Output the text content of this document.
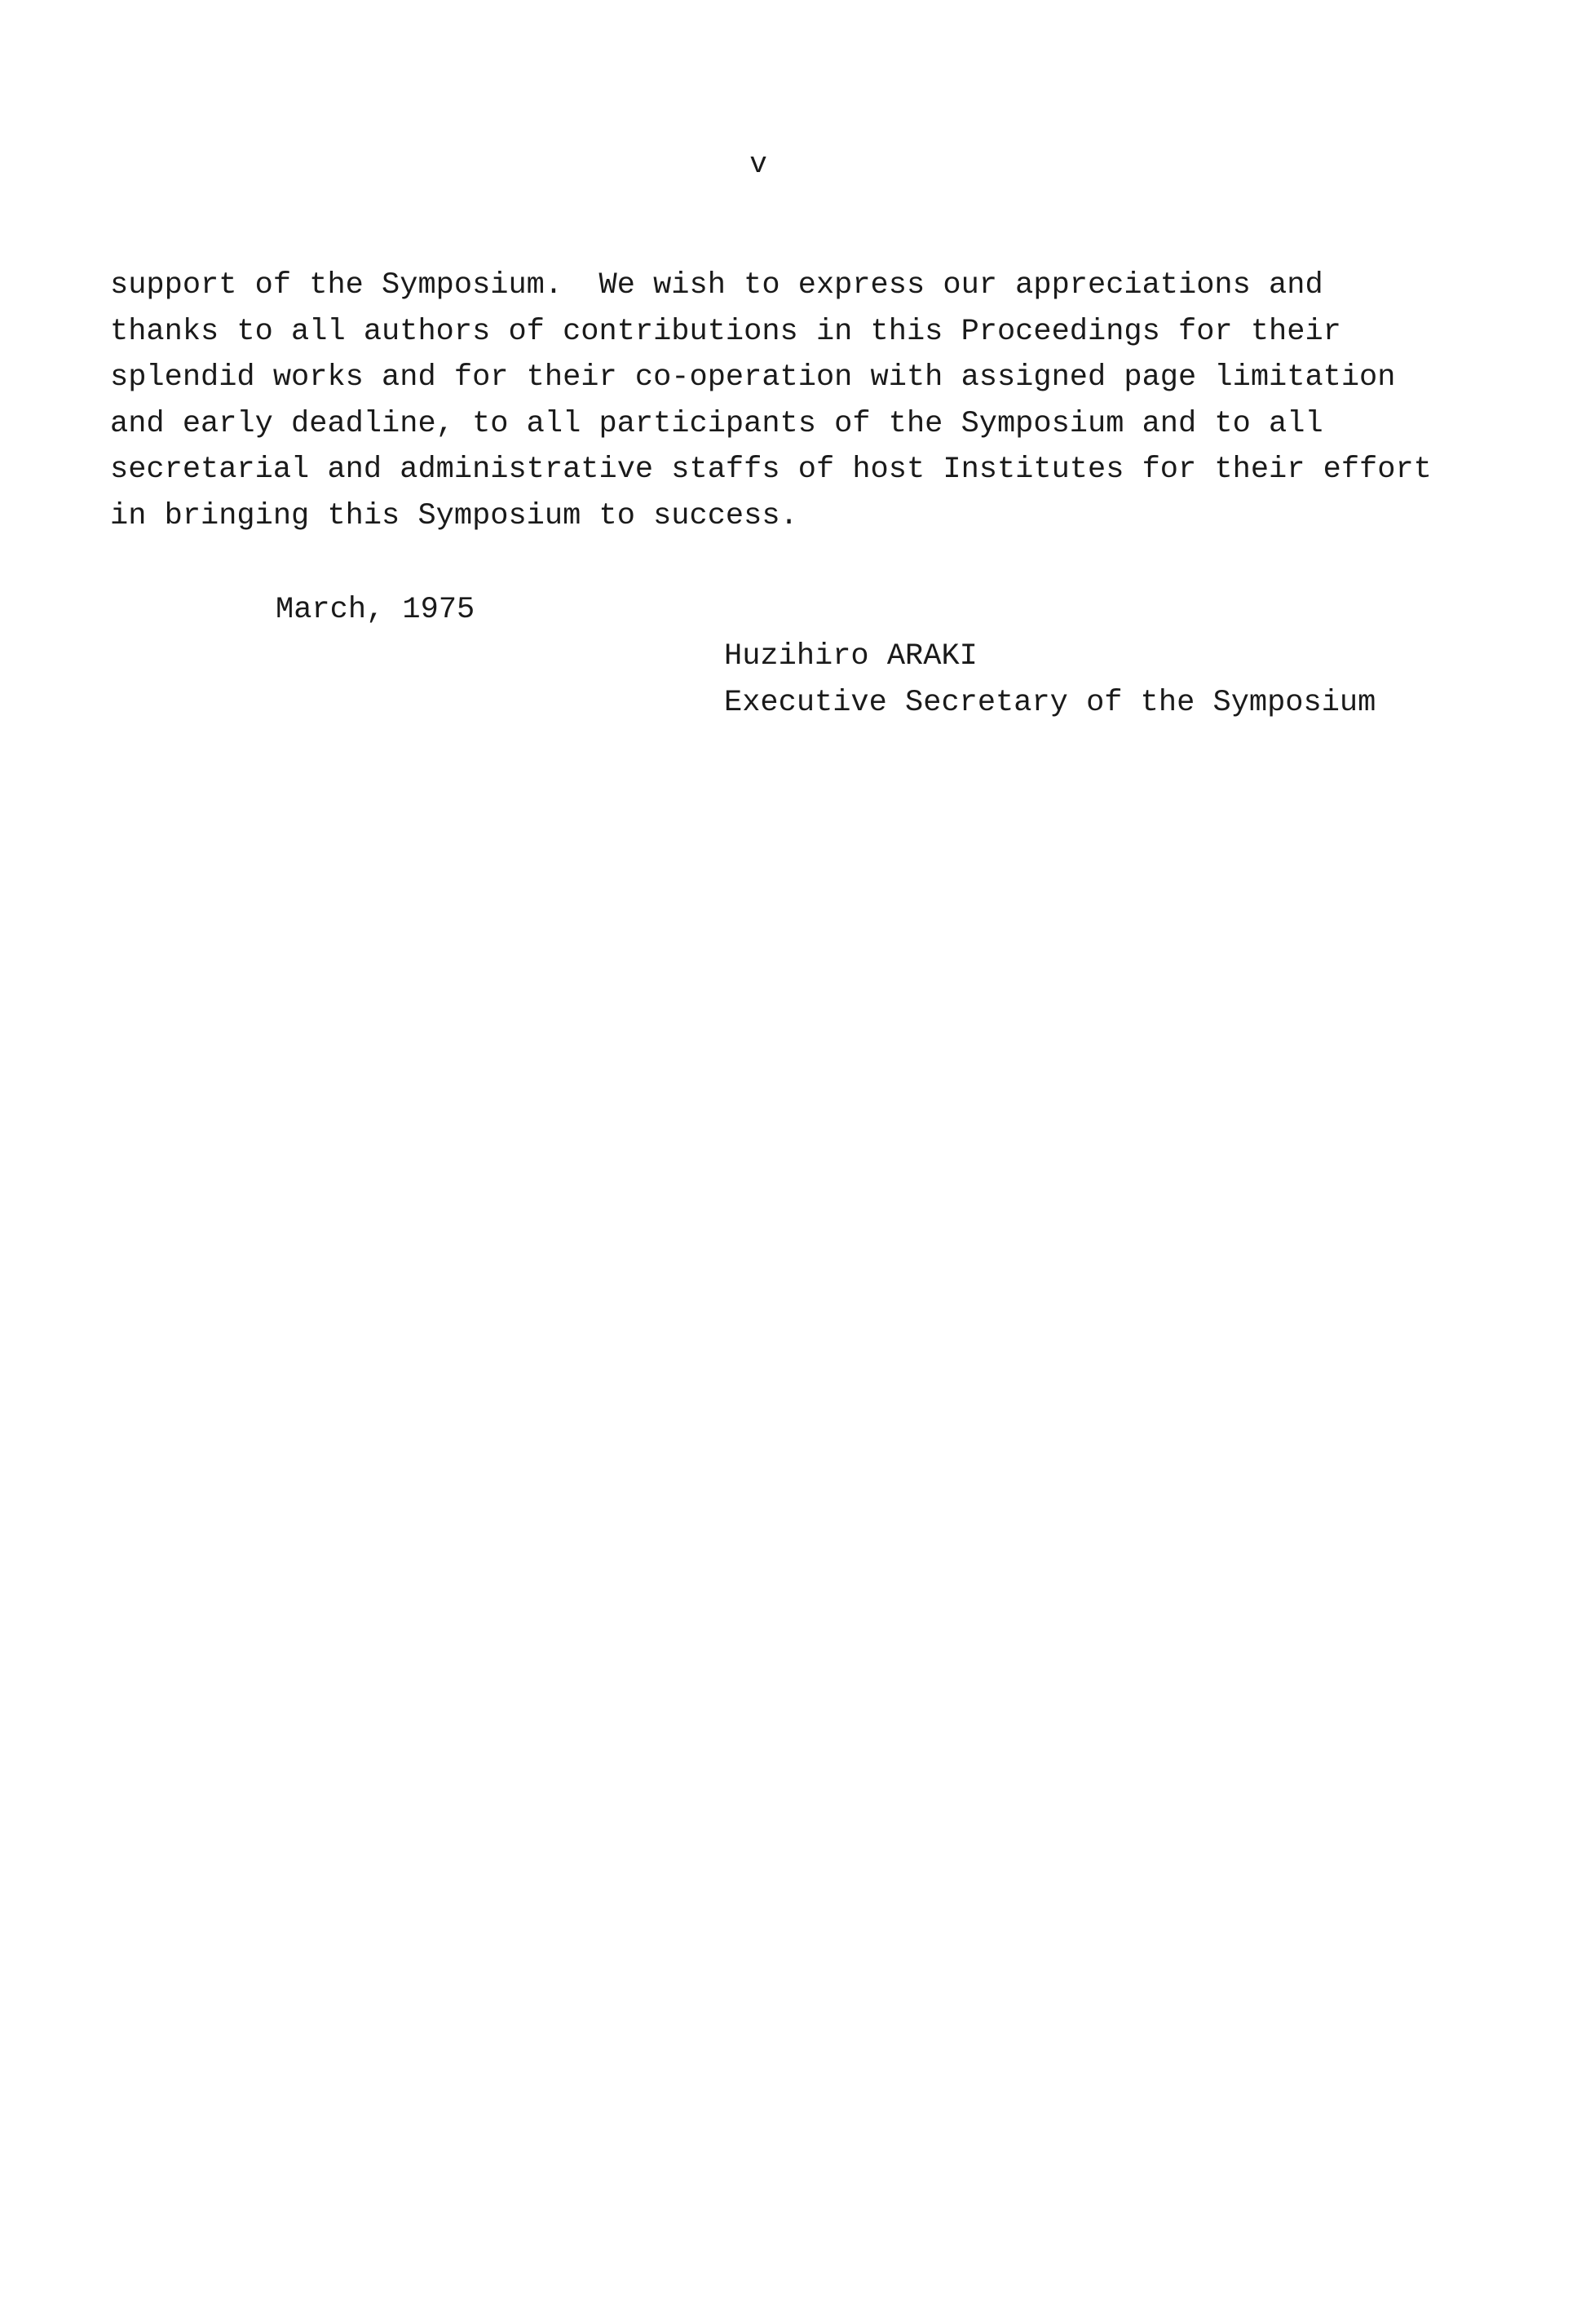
v
support of the Symposium.  We wish to express our appreciations and
thanks to all authors of contributions in this Proceedings for their
splendid works and for their co-operation with assigned page limitation
and early deadline, to all participants of the Symposium and to all
secretarial and administrative staffs of host Institutes for their effort
in bringing this Symposium to success.
March, 1975
Huzihiro ARAKI
Executive Secretary of the Symposium
